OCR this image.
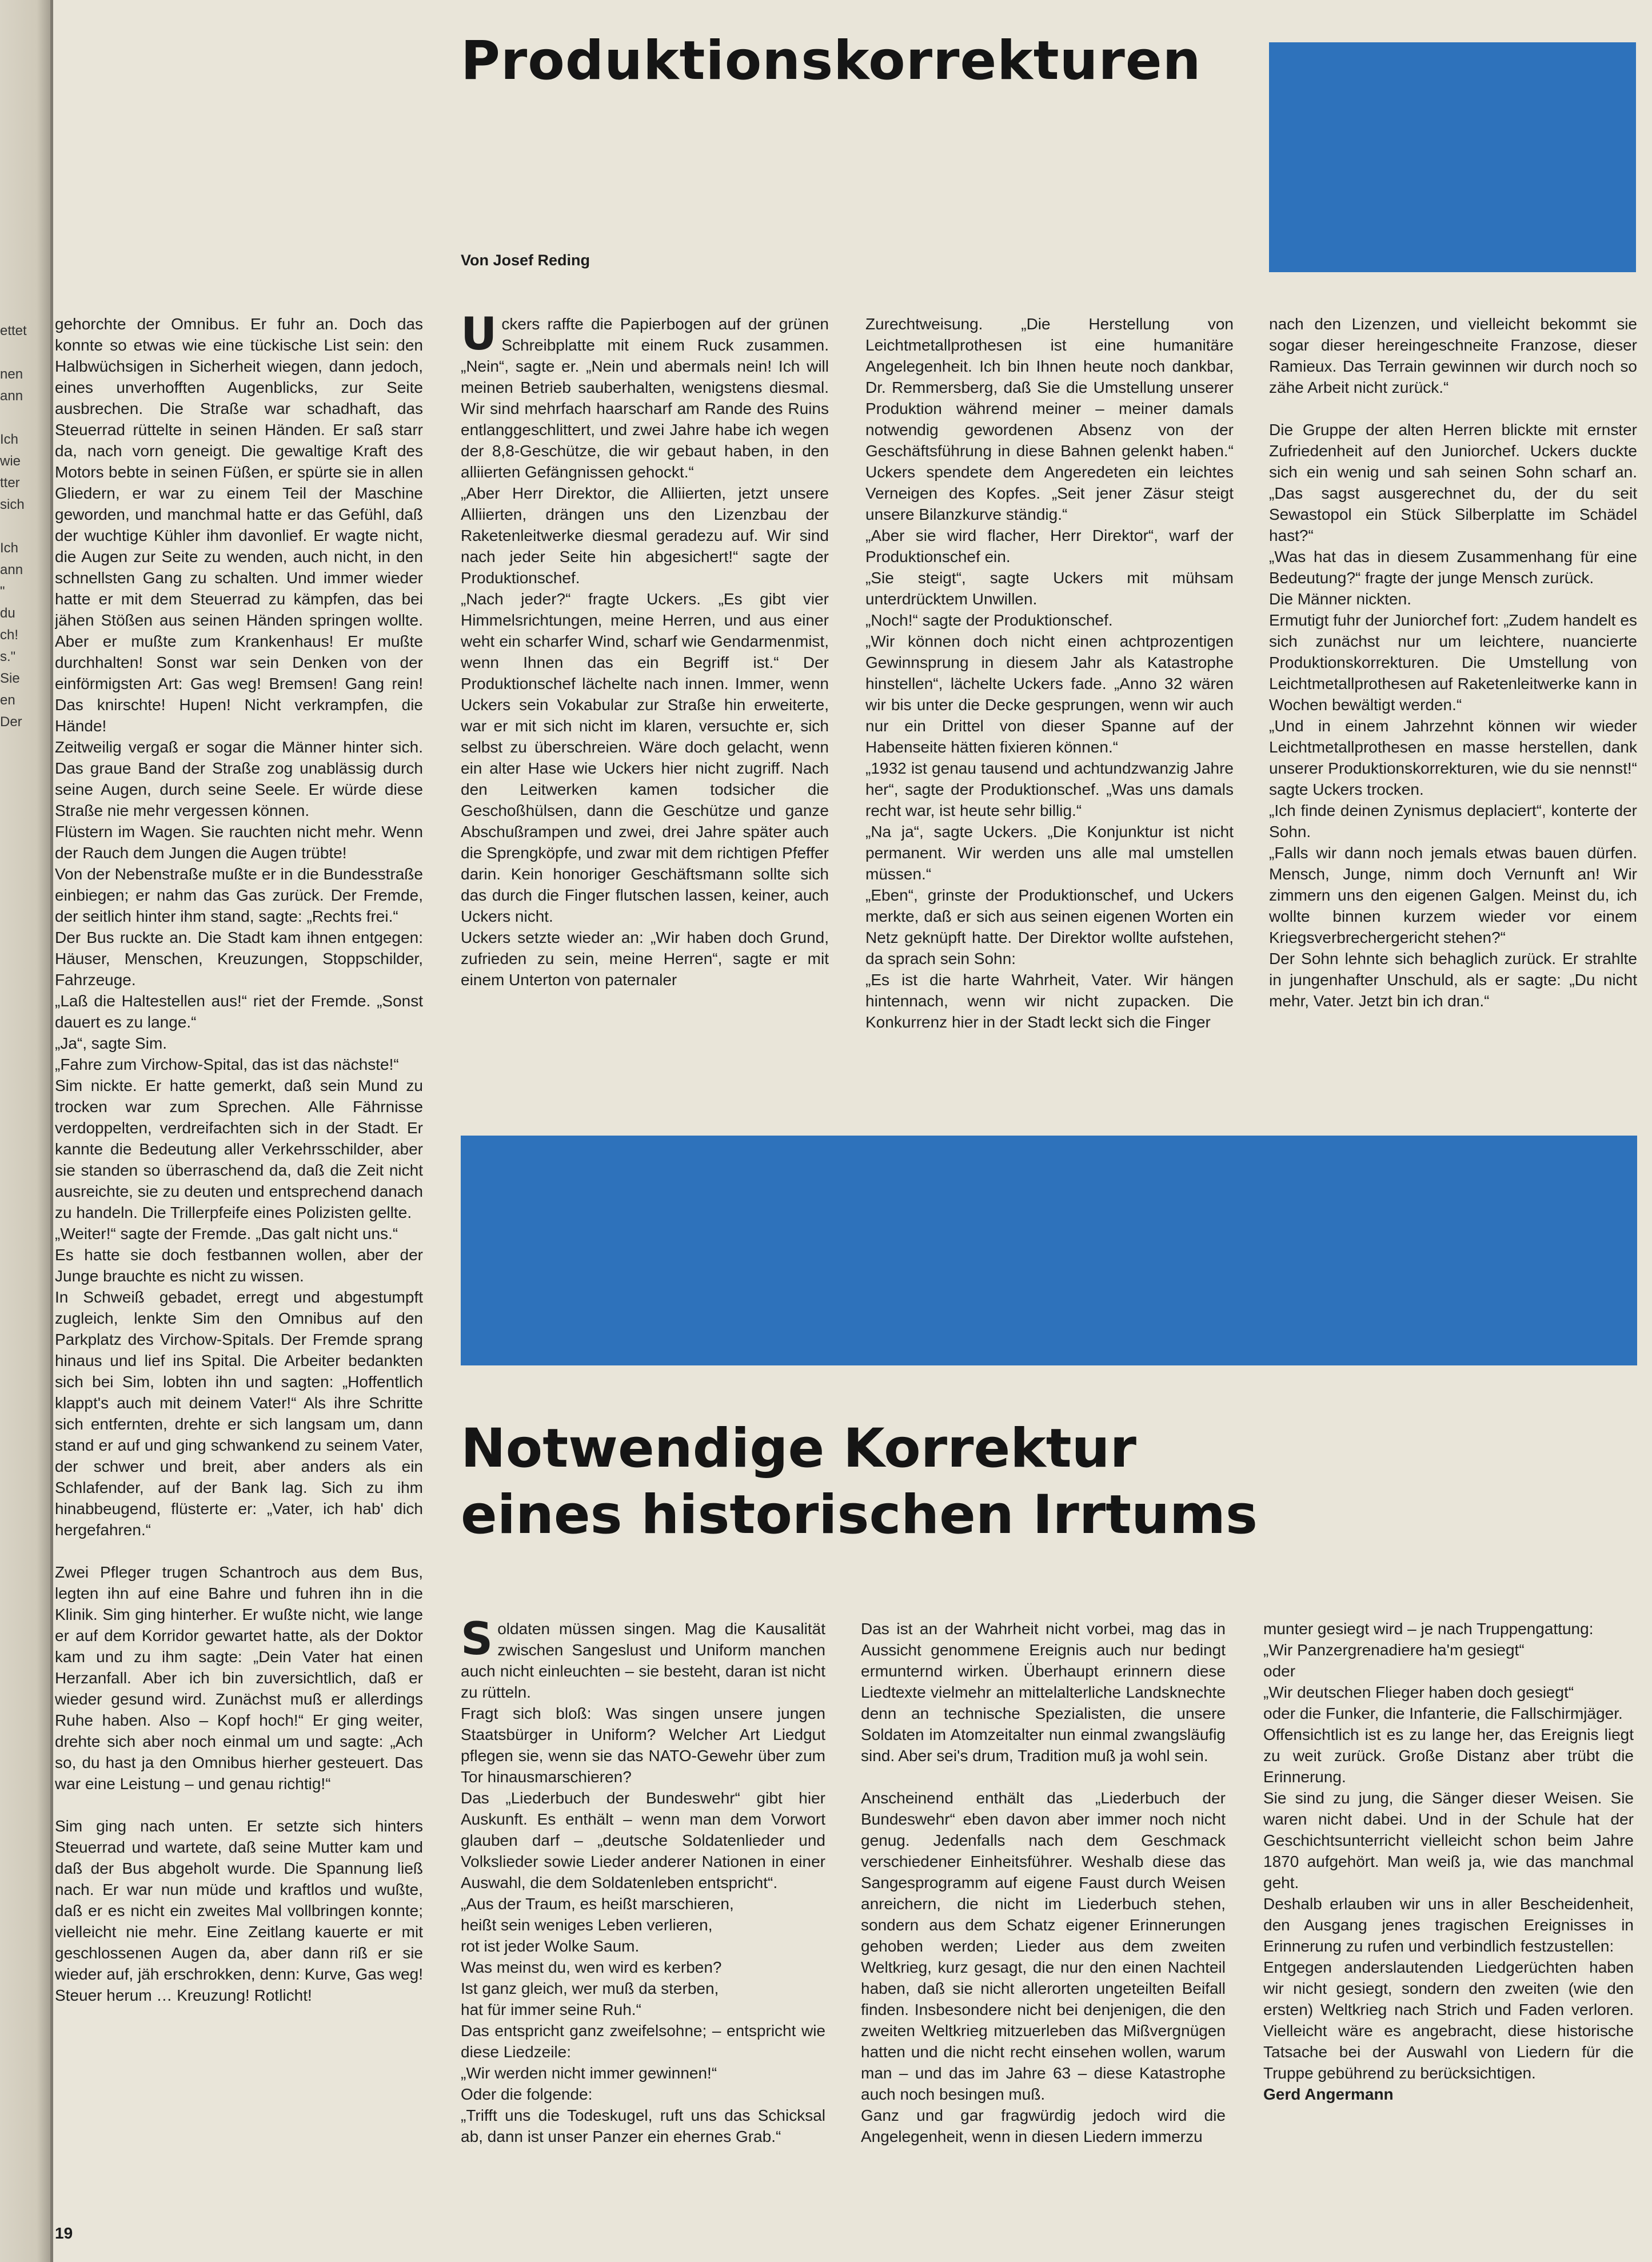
ettet

nen
ann

Ich
wie
tter
sich

Ich
ann
"
du
ch!
s."
Sie
en
Der
Produktionskorrekturen
Von Josef Reding

gehorchte der Omnibus. Er fuhr an. Doch das konnte so etwas wie eine tückische List sein: den Halbwüchsigen in Sicherheit wiegen, dann jedoch, eines unverhofften Augenblicks, zur Seite ausbrechen. Die Straße war schadhaft, das Steuerrad rüttelte in seinen Händen. Er saß starr da, nach vorn geneigt. Die gewaltige Kraft des Motors bebte in seinen Füßen, er spürte sie in allen Gliedern, er war zu einem Teil der Maschine geworden, und manchmal hatte er das Gefühl, daß der wuchtige Kühler ihm davonlief. Er wagte nicht, die Augen zur Seite zu wenden, auch nicht, in den schnellsten Gang zu schalten. Und immer wieder hatte er mit dem Steuerrad zu kämpfen, das bei jähen Stößen aus seinen Händen springen wollte. Aber er mußte zum Krankenhaus! Er mußte durchhalten! Sonst war sein Denken von der einförmigsten Art: Gas weg! Bremsen! Gang rein! Das knirschte! Hupen! Nicht verkrampfen, die Hände!

Zeitweilig vergaß er sogar die Männer hinter sich. Das graue Band der Straße zog unablässig durch seine Augen, durch seine Seele. Er würde diese Straße nie mehr vergessen können.

Flüstern im Wagen. Sie rauchten nicht mehr. Wenn der Rauch dem Jungen die Augen trübte!

Von der Nebenstraße mußte er in die Bundesstraße einbiegen; er nahm das Gas zurück. Der Fremde, der seitlich hinter ihm stand, sagte: „Rechts frei.“

Der Bus ruckte an. Die Stadt kam ihnen entgegen: Häuser, Menschen, Kreuzungen, Stoppschilder, Fahrzeuge.

„Laß die Haltestellen aus!“ riet der Fremde. „Sonst dauert es zu lange.“

„Ja“, sagte Sim.

„Fahre zum Virchow-Spital, das ist das nächste!“

Sim nickte. Er hatte gemerkt, daß sein Mund zu trocken war zum Sprechen. Alle Fährnisse verdoppelten, verdreifachten sich in der Stadt. Er kannte die Bedeutung aller Verkehrsschilder, aber sie standen so überraschend da, daß die Zeit nicht ausreichte, sie zu deuten und entsprechend danach zu handeln. Die Trillerpfeife eines Polizisten gellte.

„Weiter!“ sagte der Fremde. „Das galt nicht uns.“

Es hatte sie doch festbannen wollen, aber der Junge brauchte es nicht zu wissen.

In Schweiß gebadet, erregt und abgestumpft zugleich, lenkte Sim den Omnibus auf den Parkplatz des Virchow-Spitals. Der Fremde sprang hinaus und lief ins Spital. Die Arbeiter bedankten sich bei Sim, lobten ihn und sagten: „Hoffentlich klappt's auch mit deinem Vater!“ Als ihre Schritte sich entfernten, drehte er sich langsam um, dann stand er auf und ging schwankend zu seinem Vater, der schwer und breit, aber anders als ein Schlafender, auf der Bank lag. Sich zu ihm hinabbeugend, flüsterte er: „Vater, ich hab' dich hergefahren.“

Zwei Pfleger trugen Schantroch aus dem Bus, legten ihn auf eine Bahre und fuhren ihn in die Klinik. Sim ging hinterher. Er wußte nicht, wie lange er auf dem Korridor gewartet hatte, als der Doktor kam und zu ihm sagte: „Dein Vater hat einen Herzanfall. Aber ich bin zuversichtlich, daß er wieder gesund wird. Zunächst muß er allerdings Ruhe haben. Also – Kopf hoch!“ Er ging weiter, drehte sich aber noch einmal um und sagte: „Ach so, du hast ja den Omnibus hierher gesteuert. Das war eine Leistung – und genau richtig!“

Sim ging nach unten. Er setzte sich hinters Steuerrad und wartete, daß seine Mutter kam und daß der Bus abgeholt wurde. Die Spannung ließ nach. Er war nun müde und kraftlos und wußte, daß er es nicht ein zweites Mal vollbringen konnte; vielleicht nie mehr. Eine Zeitlang kauerte er mit geschlossenen Augen da, aber dann riß er sie wieder auf, jäh erschrokken, denn: Kurve, Gas weg! Steuer herum … Kreuzung! Rotlicht!

U ckers raffte die Papierbogen auf der grünen Schreibplatte mit einem Ruck zusammen. „Nein“, sagte er. „Nein und abermals nein! Ich will meinen Betrieb sauberhalten, wenigstens diesmal. Wir sind mehrfach haarscharf am Rande des Ruins entlanggeschlittert, und zwei Jahre habe ich wegen der 8,8-Geschütze, die wir gebaut haben, in den alliierten Gefängnissen gehockt.“

„Aber Herr Direktor, die Alliierten, jetzt unsere Alliierten, drängen uns den Lizenzbau der Raketenleitwerke diesmal geradezu auf. Wir sind nach jeder Seite hin abgesichert!“ sagte der Produktionschef.

„Nach jeder?“ fragte Uckers. „Es gibt vier Himmelsrichtungen, meine Herren, und aus einer weht ein scharfer Wind, scharf wie Gendarmenmist, wenn Ihnen das ein Begriff ist.“ Der Produktionschef lächelte nach innen. Immer, wenn Uckers sein Vokabular zur Straße hin erweiterte, war er mit sich nicht im klaren, versuchte er, sich selbst zu überschreien. Wäre doch gelacht, wenn ein alter Hase wie Uckers hier nicht zugriff. Nach den Leitwerken kamen todsicher die Geschoßhülsen, dann die Geschütze und ganze Abschußrampen und zwei, drei Jahre später auch die Sprengköpfe, und zwar mit dem richtigen Pfeffer darin. Kein honoriger Geschäftsmann sollte sich das durch die Finger flutschen lassen, keiner, auch Uckers nicht.

Uckers setzte wieder an: „Wir haben doch Grund, zufrieden zu sein, meine Herren“, sagte er mit einem Unterton von paternaler

Zurechtweisung. „Die Herstellung von Leichtmetallprothesen ist eine humanitäre Angelegenheit. Ich bin Ihnen heute noch dankbar, Dr. Remmersberg, daß Sie die Umstellung unserer Produktion während meiner – meiner damals notwendig gewordenen Absenz von der Geschäftsführung in diese Bahnen gelenkt haben.“ Uckers spendete dem Angeredeten ein leichtes Verneigen des Kopfes. „Seit jener Zäsur steigt unsere Bilanzkurve ständig.“

„Aber sie wird flacher, Herr Direktor“, warf der Produktionschef ein.

„Sie steigt“, sagte Uckers mit mühsam unterdrücktem Unwillen.

„Noch!“ sagte der Produktionschef.

„Wir können doch nicht einen achtprozentigen Gewinnsprung in diesem Jahr als Katastrophe hinstellen“, lächelte Uckers fade. „Anno 32 wären wir bis unter die Decke gesprungen, wenn wir auch nur ein Drittel von dieser Spanne auf der Habenseite hätten fixieren können.“

„1932 ist genau tausend und achtundzwanzig Jahre her“, sagte der Produktionschef. „Was uns damals recht war, ist heute sehr billig.“

„Na ja“, sagte Uckers. „Die Konjunktur ist nicht permanent. Wir werden uns alle mal umstellen müssen.“

„Eben“, grinste der Produktionschef, und Uckers merkte, daß er sich aus seinen eigenen Worten ein Netz geknüpft hatte. Der Direktor wollte aufstehen, da sprach sein Sohn:

„Es ist die harte Wahrheit, Vater. Wir hängen hintennach, wenn wir nicht zupacken. Die Konkurrenz hier in der Stadt leckt sich die Finger

nach den Lizenzen, und vielleicht bekommt sie sogar dieser hereingeschneite Franzose, dieser Ramieux. Das Terrain gewinnen wir durch noch so zähe Arbeit nicht zurück.“

Die Gruppe der alten Herren blickte mit ernster Zufriedenheit auf den Juniorchef. Uckers duckte sich ein wenig und sah seinen Sohn scharf an. „Das sagst ausgerechnet du, der du seit Sewastopol ein Stück Silberplatte im Schädel hast?“

„Was hat das in diesem Zusammenhang für eine Bedeutung?“ fragte der junge Mensch zurück.

Die Männer nickten.

Ermutigt fuhr der Juniorchef fort: „Zudem handelt es sich zunächst nur um leichtere, nuancierte Produktionskorrekturen. Die Umstellung von Leichtmetallprothesen auf Raketenleitwerke kann in Wochen bewältigt werden.“

„Und in einem Jahrzehnt können wir wieder Leichtmetallprothesen en masse herstellen, dank unserer Produktionskorrekturen, wie du sie nennst!“ sagte Uckers trocken.

„Ich finde deinen Zynismus deplaciert“, konterte der Sohn.

„Falls wir dann noch jemals etwas bauen dürfen. Mensch, Junge, nimm doch Vernunft an! Wir zimmern uns den eigenen Galgen. Meinst du, ich wollte binnen kurzem wieder vor einem Kriegsverbrechergericht stehen?“

Der Sohn lehnte sich behaglich zurück. Er strahlte in jungenhafter Unschuld, als er sagte: „Du nicht mehr, Vater. Jetzt bin ich dran.“

Notwendige Korrektur
eines historischen Irrtums
S oldaten müssen singen. Mag die Kausalität zwischen Sangeslust und Uniform manchen auch nicht einleuchten – sie besteht, daran ist nicht zu rütteln.

Fragt sich bloß: Was singen unsere jungen Staatsbürger in Uniform? Welcher Art Liedgut pflegen sie, wenn sie das NATO-Gewehr über zum Tor hinausmarschieren?

Das „Liederbuch der Bundeswehr“ gibt hier Auskunft. Es enthält – wenn man dem Vorwort glauben darf – „deutsche Soldatenlieder und Volkslieder sowie Lieder anderer Nationen in einer Auswahl, die dem Soldatenleben entspricht“.

„Aus der Traum, es heißt marschieren,

heißt sein weniges Leben verlieren,

rot ist jeder Wolke Saum.

Was meinst du, wen wird es kerben?

Ist ganz gleich, wer muß da sterben,

hat für immer seine Ruh.“

Das entspricht ganz zweifelsohne; – entspricht wie diese Liedzeile:

„Wir werden nicht immer gewinnen!“

Oder die folgende:

„Trifft uns die Todeskugel, ruft uns das Schicksal ab, dann ist unser Panzer ein ehernes Grab.“

Das ist an der Wahrheit nicht vorbei, mag das in Aussicht genommene Ereignis auch nur bedingt ermunternd wirken. Überhaupt erinnern diese Liedtexte vielmehr an mittelalterliche Landsknechte denn an technische Spezialisten, die unsere Soldaten im Atomzeitalter nun einmal zwangsläufig sind. Aber sei's drum, Tradition muß ja wohl sein.

Anscheinend enthält das „Liederbuch der Bundeswehr“ eben davon aber immer noch nicht genug. Jedenfalls nach dem Geschmack verschiedener Einheitsführer. Weshalb diese das Sangesprogramm auf eigene Faust durch Weisen anreichern, die nicht im Liederbuch stehen, sondern aus dem Schatz eigener Erinnerungen gehoben werden; Lieder aus dem zweiten Weltkrieg, kurz gesagt, die nur den einen Nachteil haben, daß sie nicht allerorten ungeteilten Beifall finden. Insbesondere nicht bei denjenigen, die den zweiten Weltkrieg mitzuerleben das Mißvergnügen hatten und die nicht recht einsehen wollen, warum man – und das im Jahre 63 – diese Katastrophe auch noch besingen muß.

Ganz und gar fragwürdig jedoch wird die Angelegenheit, wenn in diesen Liedern immerzu

munter gesiegt wird – je nach Truppengattung:

„Wir Panzergrenadiere ha'm gesiegt“

oder

„Wir deutschen Flieger haben doch gesiegt“

oder die Funker, die Infanterie, die Fallschirmjäger.

Offensichtlich ist es zu lange her, das Ereignis liegt zu weit zurück. Große Distanz aber trübt die Erinnerung.

Sie sind zu jung, die Sänger dieser Weisen. Sie waren nicht dabei. Und in der Schule hat der Geschichtsunterricht vielleicht schon beim Jahre 1870 aufgehört. Man weiß ja, wie das manchmal geht.

Deshalb erlauben wir uns in aller Bescheidenheit, den Ausgang jenes tragischen Ereignisses in Erinnerung zu rufen und verbindlich festzustellen:

Entgegen anderslautenden Liedgerüchten haben wir nicht gesiegt, sondern den zweiten (wie den ersten) Weltkrieg nach Strich und Faden verloren. Vielleicht wäre es angebracht, diese historische Tatsache bei der Auswahl von Liedern für die Truppe gebührend zu berücksichtigen.

Gerd Angermann

19
